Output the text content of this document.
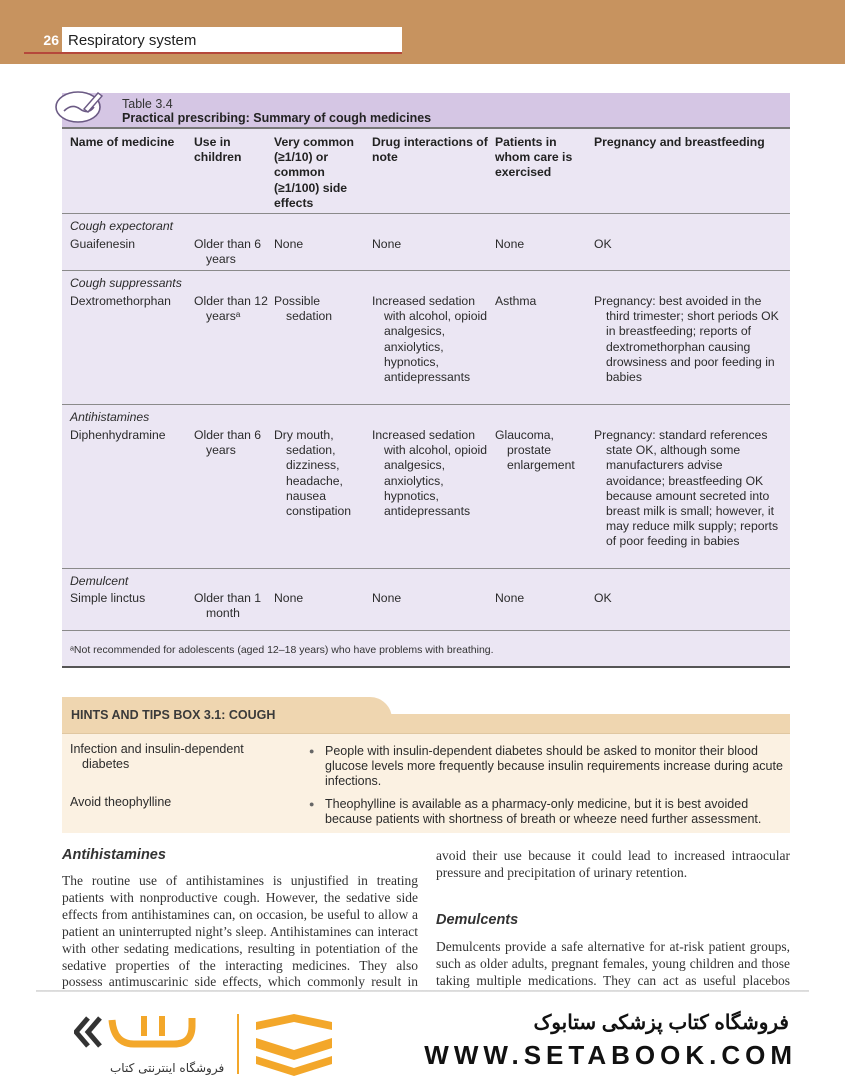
26 Respiratory system
Table 3.4
Practical prescribing: Summary of cough medicines
Name of medicine	Use in children
Very common (≥1/10) or common (≥1/100) side effects
Drug interactions of note
Patients in whom care is exercised
Pregnancy and breastfeeding
Cough expectorant
Guaifenesin	Older than 6 years
None	None	None	OK
Cough suppressants
Dextromethorphan	Older than 12 yearsᵃ
Possible sedation
Increased sedation with alcohol, opioid analgesics, anxiolytics, hypnotics, antidepressants
Asthma	Pregnancy: best avoided in the third trimester; short periods OK in breastfeeding; reports of dextromethorphan causing drowsiness and poor feeding in babies
Antihistamines
Diphenhydramine	Older than 6 years
Dry mouth, sedation, dizziness, headache, nausea constipation
Increased sedation with alcohol, opioid analgesics, anxiolytics, hypnotics, antidepressants
Glaucoma, prostate enlargement
Pregnancy: standard references state OK, although some manufacturers advise avoidance; breastfeeding OK because amount secreted into breast milk is small; however, it may reduce milk supply; reports of poor feeding in babies
Demulcent
Simple linctus	Older than 1 month
None	None	None	OK
ᵃNot recommended for adolescents (aged 12–18 years) who have problems with breathing.
HINTS AND TIPS BOX 3.1: COUGH
Infection and insulin-dependent diabetes
● People with insulin-dependent diabetes should be asked to monitor their blood glucose levels more frequently because insulin requirements increase during acute infections.
Avoid theophylline
●	Theophylline is available as a pharmacy-only medicine, but it is best avoided because patients with shortness of breath or wheeze need further assessment.
Antihistamines
The routine use of antihistamines is unjustified in treating patients with nonproductive cough. However, the sedative side effects from antihistamines can, on occasion, be useful to allow a patient an uninterrupted night’s sleep. Antihistamines can interact with other sedating medications, resulting in potentiation of the sedative properties of the interacting medicines. They also possess antimuscarinic side effects, which commonly result in
avoid their use because it could lead to increased intraocular pressure and precipitation of urinary retention.
Demulcents
Demulcents provide a safe alternative for at-risk patient groups, such as older adults, pregnant females, young children and those taking multiple medications. They can act as useful placebos
فروشگاه اینترنتی کتاب
فروشگاه کتاب پزشکی ستابوک
WWW.SETABOOK.COM
